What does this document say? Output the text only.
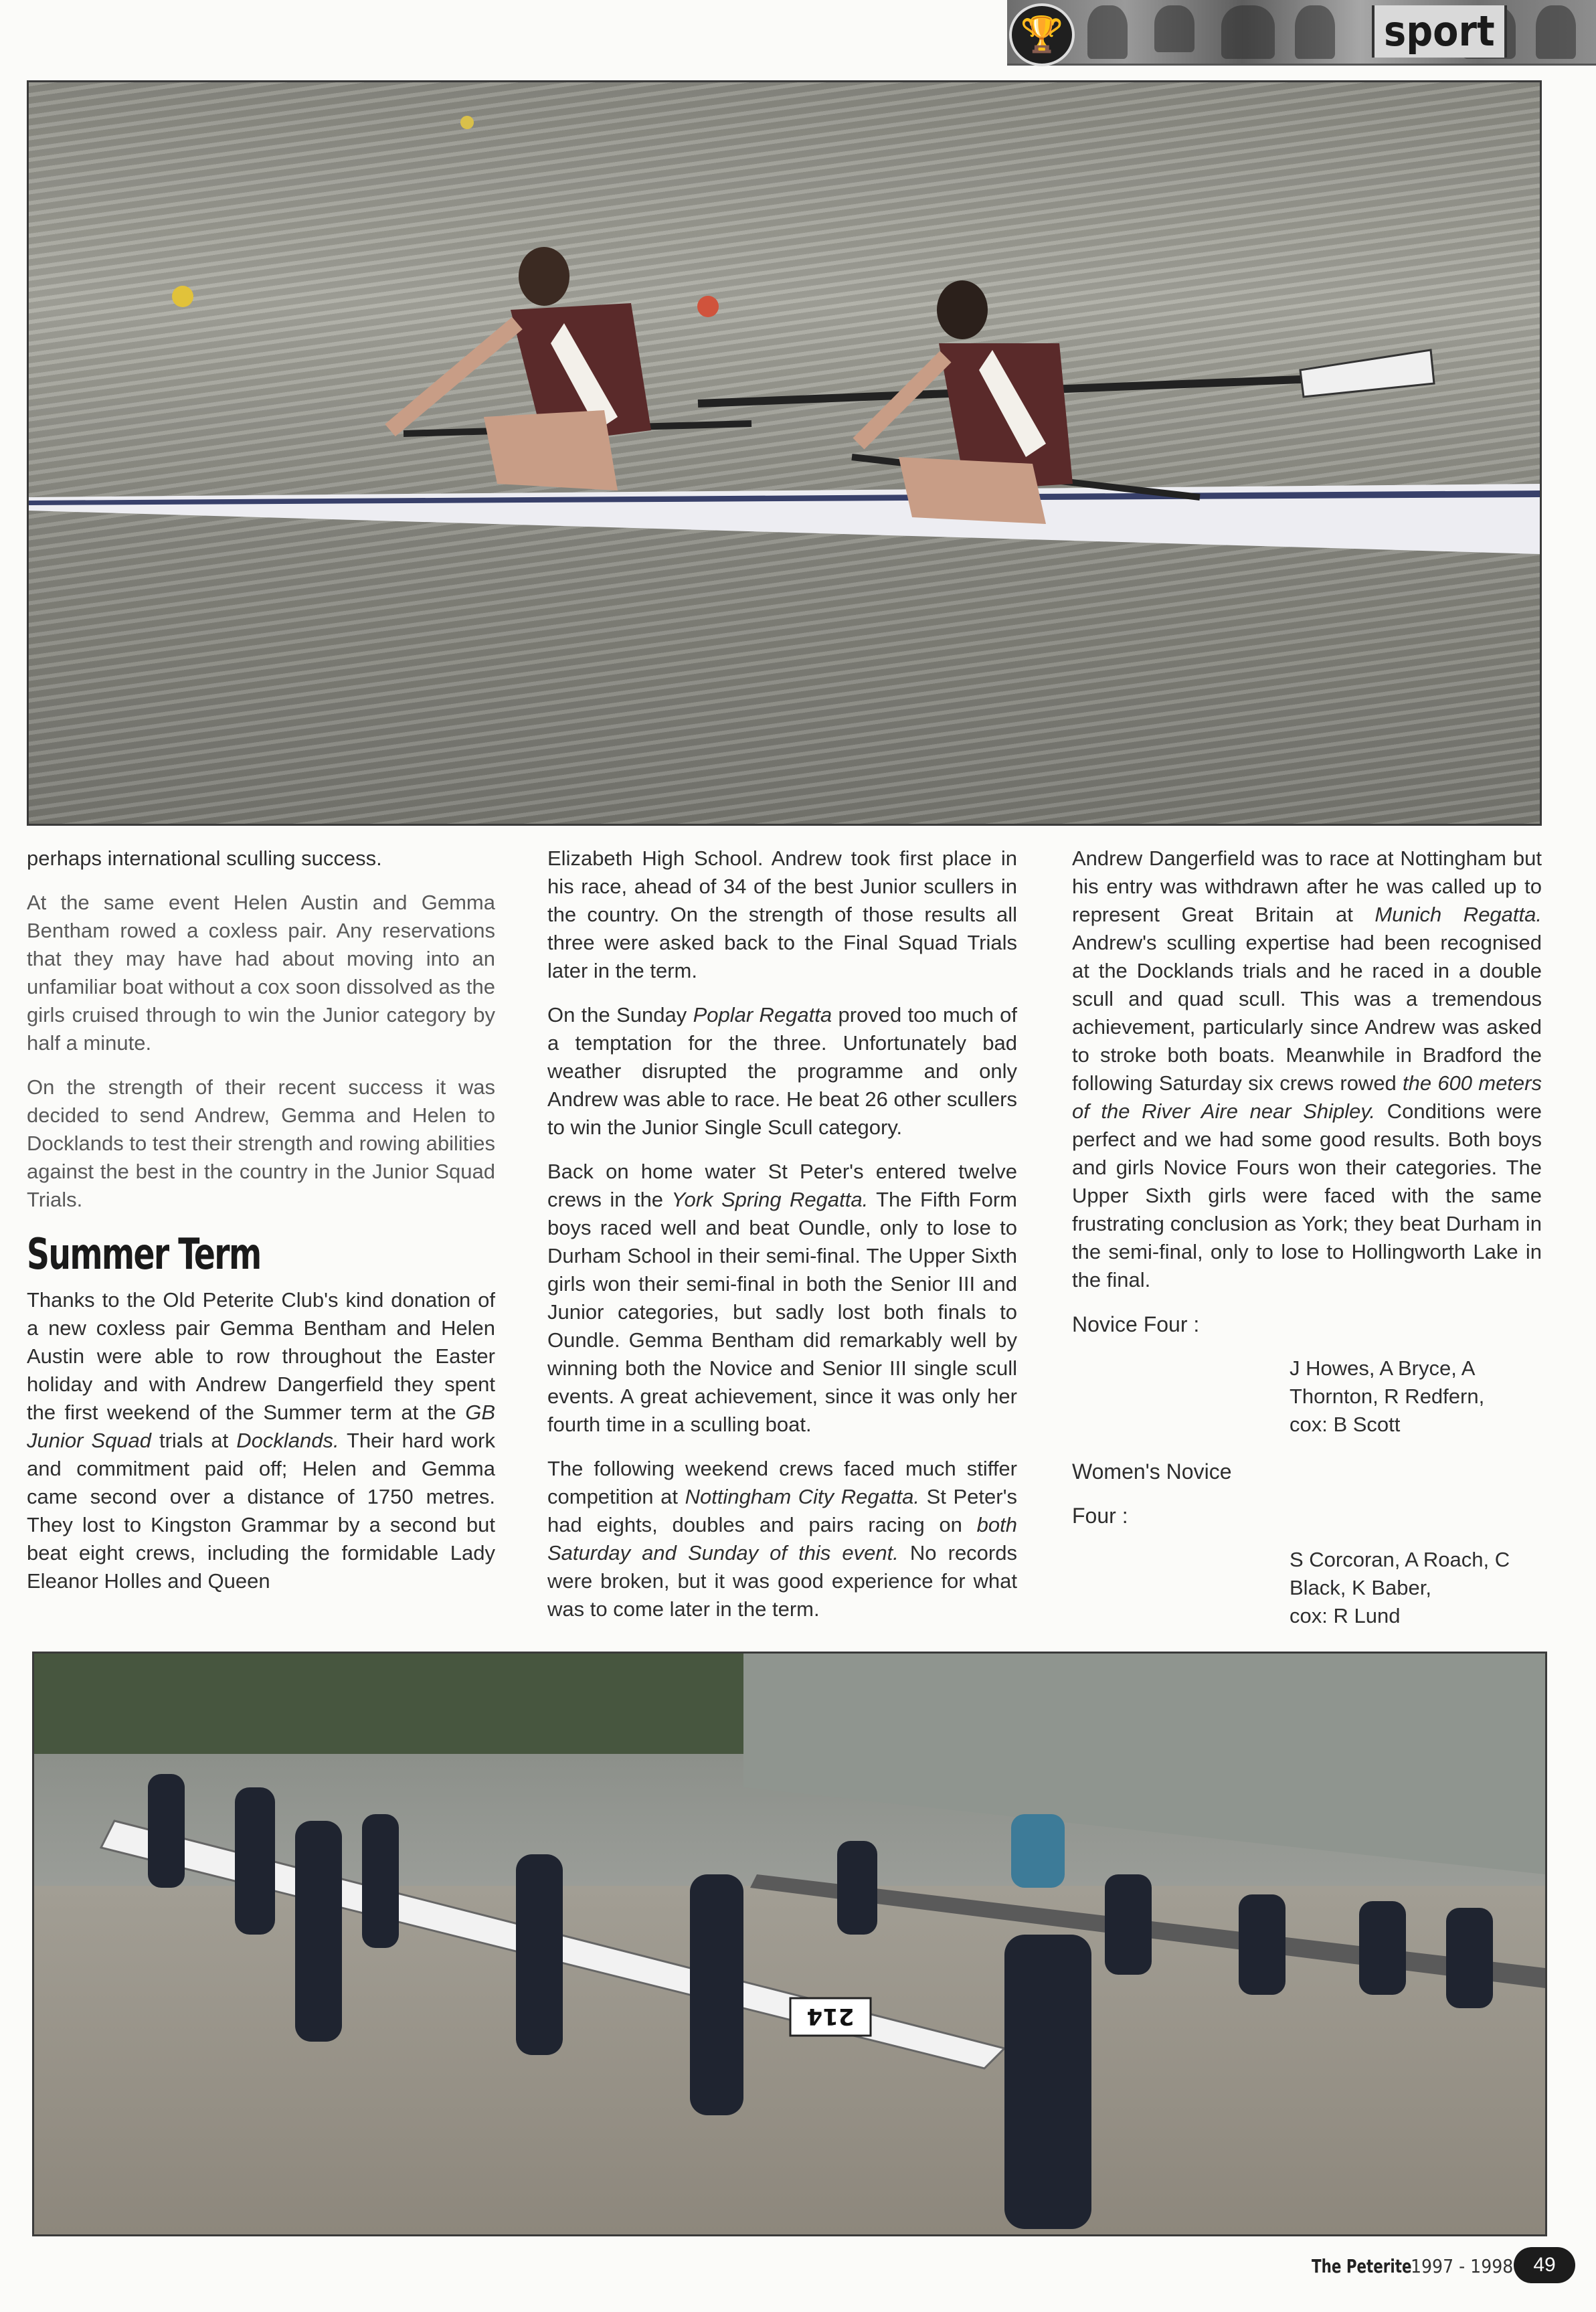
🏆	sport

perhaps international sculling success.

At the same event Helen Austin and Gemma Bentham rowed a coxless pair. Any reservations that they may have had about moving into an unfamiliar boat without a cox soon dissolved as the girls cruised through to win the Junior category by half a minute.

On the strength of their recent success it was decided to send Andrew, Gemma and Helen to Docklands to test their strength and rowing abilities against the best in the country in the Junior Squad Trials.

Summer Term

Thanks to the Old Peterite Club's kind donation of a new coxless pair Gemma Bentham and Helen Austin were able to row throughout the Easter holiday and with Andrew Dangerfield they spent the first weekend of the Summer term at the GB Junior Squad trials at Docklands. Their hard work and commitment paid off; Helen and Gemma came second over a distance of 1750 metres. They lost to Kingston Grammar by a second but beat eight crews, including the formidable Lady Eleanor Holles and Queen

Elizabeth High School. Andrew took first place in his race, ahead of 34 of the best Junior scullers in the country. On the strength of those results all three were asked back to the Final Squad Trials later in the term.

On the Sunday Poplar Regatta proved too much of a temptation for the three. Unfortunately bad weather disrupted the programme and only Andrew was able to race. He beat 26 other scullers to win the Junior Single Scull category.

Back on home water St Peter's entered twelve crews in the York Spring Regatta. The Fifth Form boys raced well and beat Oundle, only to lose to Durham School in their semi-final. The Upper Sixth girls won their semi-final in both the Senior III and Junior categories, but sadly lost both finals to Oundle. Gemma Bentham did remarkably well by winning both the Novice and Senior III single scull events. A great achievement, since it was only her fourth time in a sculling boat.

The following weekend crews faced much stiffer competition at Nottingham City Regatta. St Peter's had eights, doubles and pairs racing on both Saturday and Sunday of this event. No records were broken, but it was good experience for what was to come later in the term.

Andrew Dangerfield was to race at Nottingham but his entry was withdrawn after he was called up to represent Great Britain at Munich Regatta. Andrew's sculling expertise had been recognised at the Docklands trials and he raced in a double scull and quad scull. This was a tremendous achievement, particularly since Andrew was asked to stroke both boats. Meanwhile in Bradford the following Saturday six crews rowed the 600 meters of the River Aire near Shipley. Conditions were perfect and we had some good results. Both boys and girls Novice Fours won their categories. The Upper Sixth girls were faced with the same frustrating conclusion as York; they beat Durham in the semi-final, only to lose to Hollingworth Lake in the final.

Novice Four :

J Howes, A Bryce, A
Thornton, R Redfern,
cox: B Scott

Women's Novice

Four :

S Corcoran, A Roach, C
Black, K Baber,
cox: R Lund
214
The Peterite
1997 - 1998	49
